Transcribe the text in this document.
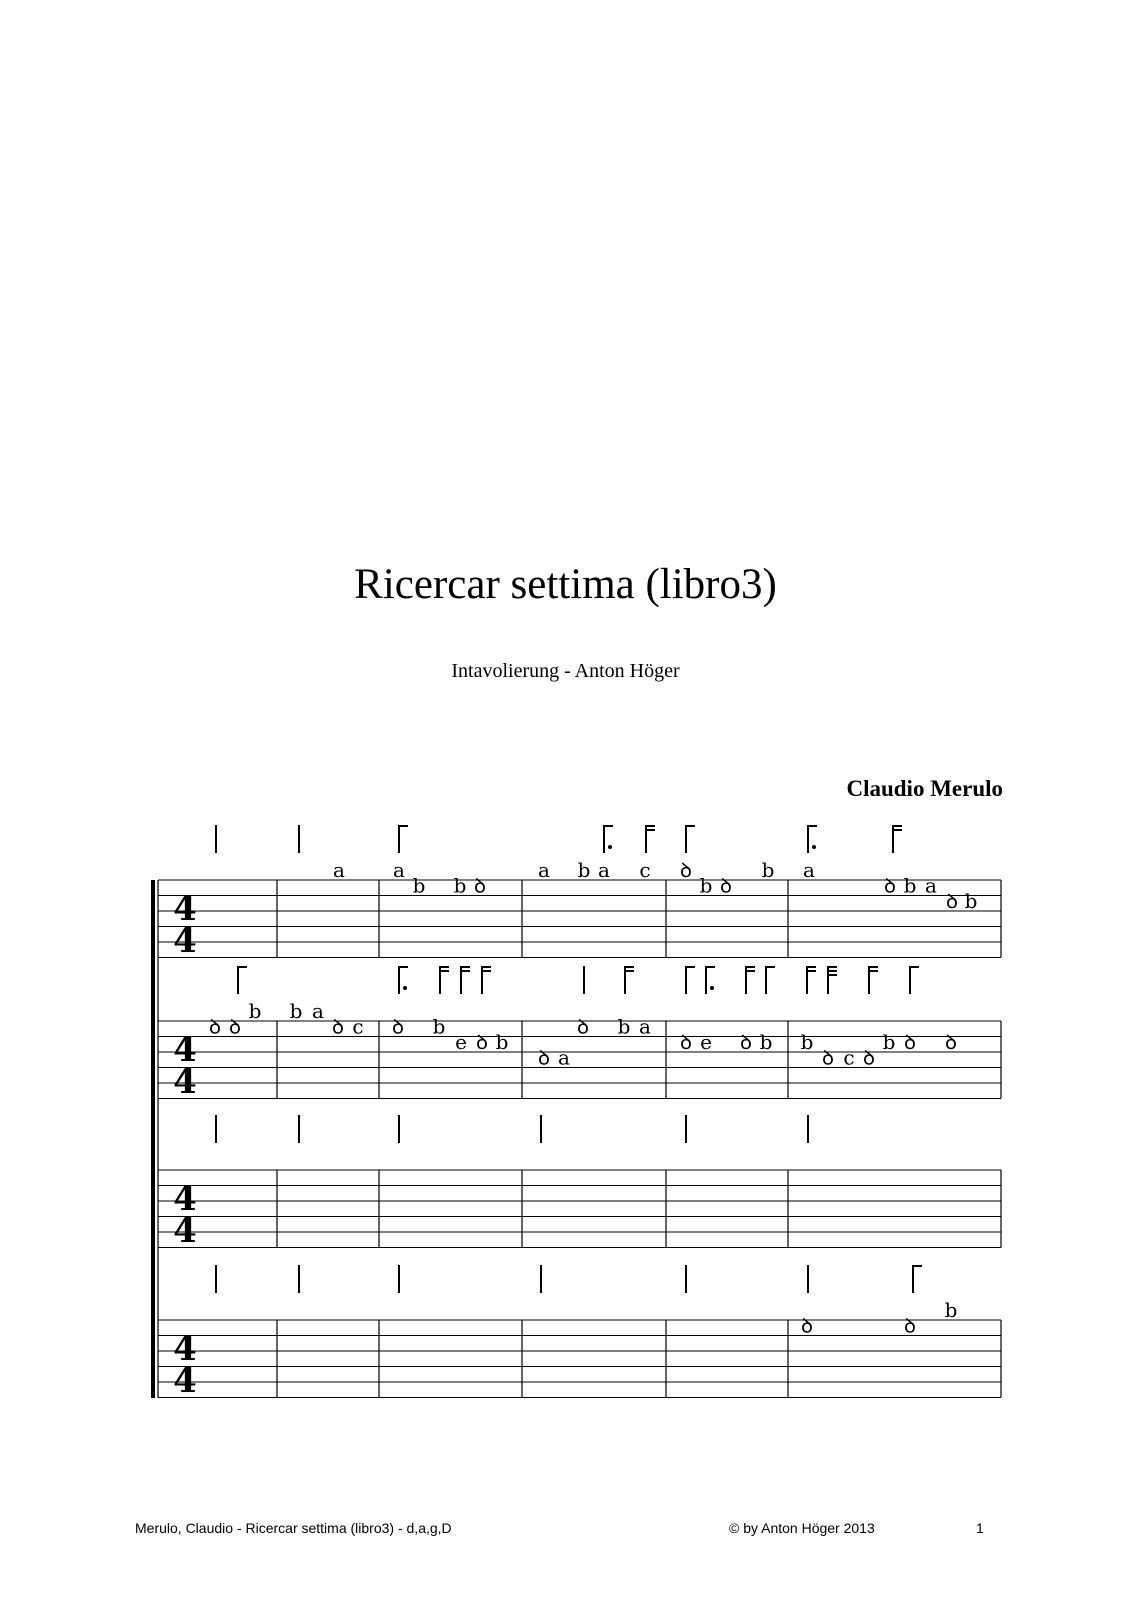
Ricercar settima (libro3)
Intavolierung - Anton Höger
Claudio Merulo
4
4
a a
b b ꝺ
a b a c ꝺ
b ꝺ
b a
ꝺ b a
ꝺ b
4
4
ꝺ ꝺ
b b a
ꝺ c ꝺ b
e ꝺ b
ꝺ a
ꝺ b a
ꝺ e ꝺ b b
ꝺ c ꝺ
b ꝺ ꝺ
4
4
4
4
ꝺ	ꝺ
b
Merulo, Claudio - Ricercar settima (libro3) - d,a,g,D	© by Anton Höger 2013	1
